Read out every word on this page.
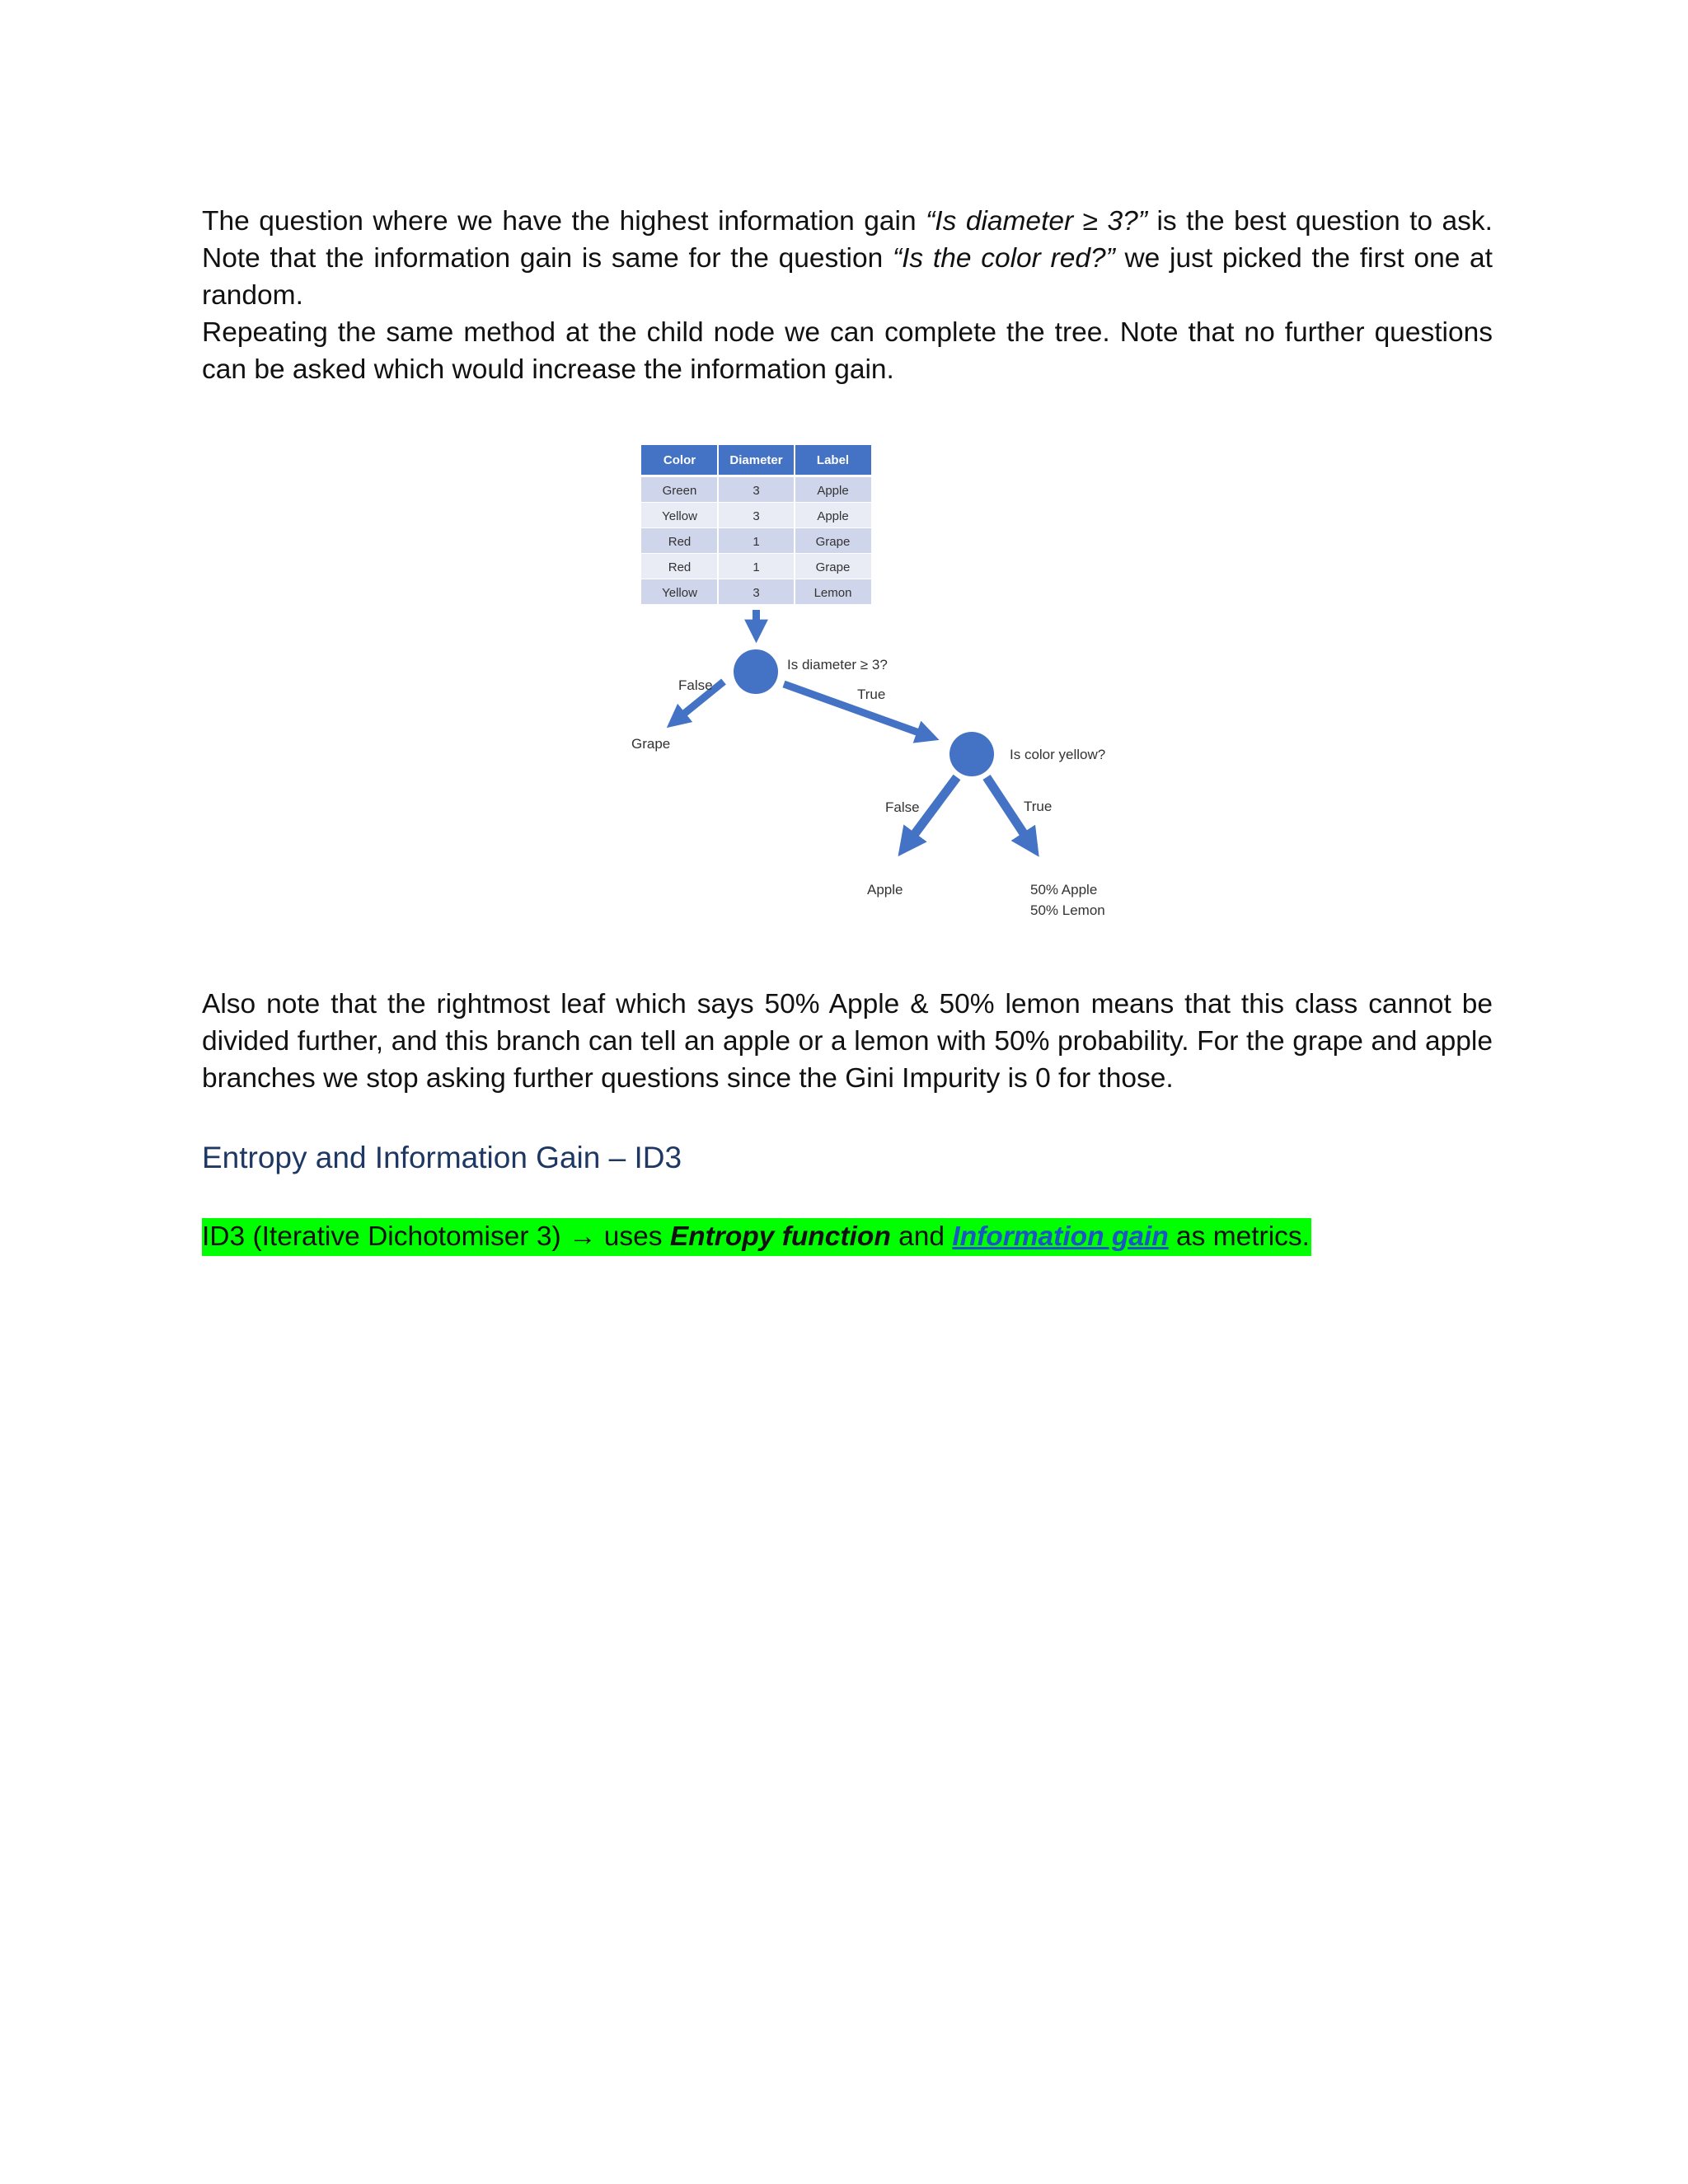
The question where we have the highest information gain “Is diameter ≥ 3?” is the best question to ask. Note that the information gain is same for the question “Is the color red?” we just picked the first one at random.

Repeating the same method at the child node we can complete the tree. Note that no further questions can be asked which would increase the information gain.

Color	Diameter	Label
Green	3	Apple
Yellow	3	Apple
Red	1	Grape
Red	1	Grape
Yellow	3	Lemon
Is diameter ≥ 3?
False
Grape
True
Is color yellow?
False
Apple
True
50% Apple
50% Lemon

Also note that the rightmost leaf which says 50% Apple & 50% lemon means that this class cannot be divided further, and this branch can tell an apple or a lemon with 50% probability. For the grape and apple branches we stop asking further questions since the Gini Impurity is 0 for those.

Entropy and Information Gain – ID3
ID3 (Iterative Dichotomiser 3) → uses Entropy function and Information gain as metrics.
